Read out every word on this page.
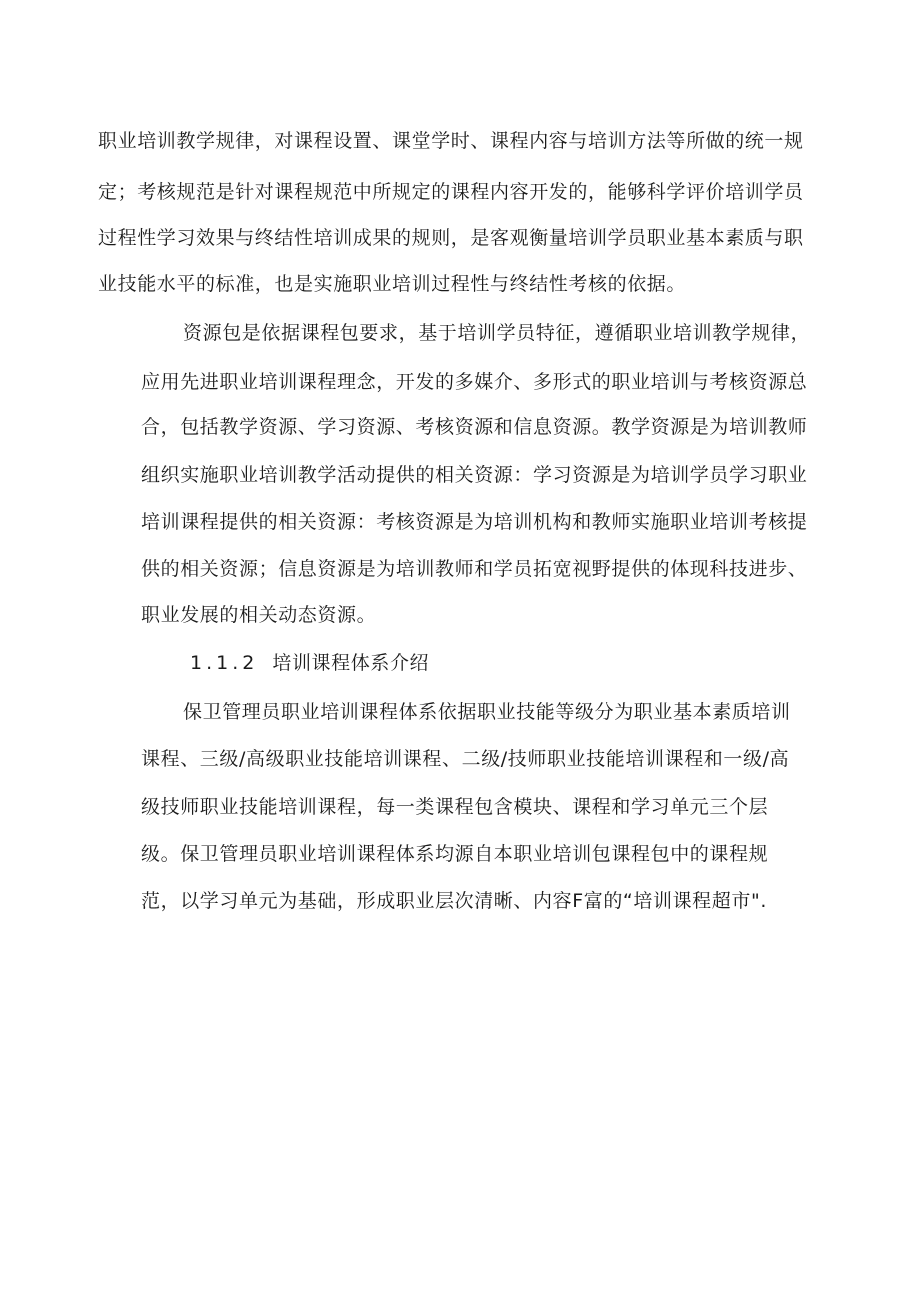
职业培训教学规律，对课程设置、课堂学时、课程内容与培训方法等所做的统一规
定；考核规范是针对课程规范中所规定的课程内容开发的，能够科学评价培训学员
过程性学习效果与终结性培训成果的规则，是客观衡量培训学员职业基本素质与职
业技能水平的标准，也是实施职业培训过程性与终结性考核的依据。
资源包是依据课程包要求，基于培训学员特征，遵循职业培训教学规律，
应用先进职业培训课程理念，开发的多媒介、多形式的职业培训与考核资源总
合，包括教学资源、学习资源、考核资源和信息资源。教学资源是为培训教师
组织实施职业培训教学活动提供的相关资源：学习资源是为培训学员学习职业
培训课程提供的相关资源：考核资源是为培训机构和教师实施职业培训考核提
供的相关资源；信息资源是为培训教师和学员拓宽视野提供的体现科技进步、
职业发展的相关动态资源。
1.1.2 培训课程体系介绍
保卫管理员职业培训课程体系依据职业技能等级分为职业基本素质培训
课程、三级/高级职业技能培训课程、二级/技师职业技能培训课程和一级/高
级技师职业技能培训课程，每一类课程包含模块、课程和学习单元三个层
级。保卫管理员职业培训课程体系均源自本职业培训包课程包中的课程规
范，以学习单元为基础，形成职业层次清晰、内容F富的“培训课程超市".
